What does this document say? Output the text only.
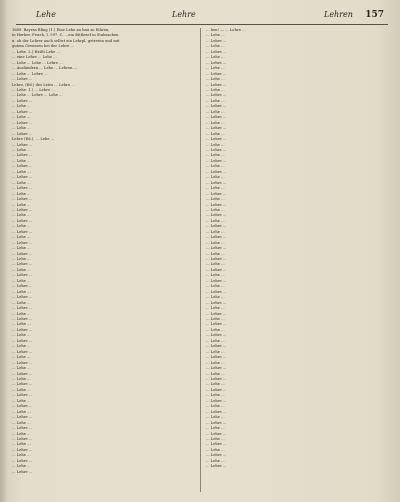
Lehe	Lehre	Lehren 157
1689. Bayrns Bfiag (1.) Eine Lehe an bau zu führen,
in Herber. Frisch, I. 597. C. ...ein Bittbrief in Stabsachen
u. ob der Lehrer auch selbst ein Lehrpl. getreten und mit
gutem Gewissen bei der Lehre ...
... Lehe. 2.) Heißt Lehe ...
... eine Lehre ... Lehe ...
... Lehe ... Lehe ... Lehre ...
... Ausländern ... Lehe ... Lehren ...
... Lehe ... Lehre ...
... Lehre ...
Lehre, (Ed.) des Leies ... Lehre ...
... Lehe. 1.) ... Lehre ...
... Lehe ... Lehre ... Lehe ...
... Lehre ...
... Lehe ...
... Lehre ...
... Lehe ...
... Lehre ...
... Lehe ...
... Lehre ...
Lehre (Ed.), ... Lehe ...
... Lehre ...
... Lehe ...
... Lehre ...
... Lehe ...
... Lehre ...
... Lehe ...
... Lehre ...
... Lehe ...
... Lehre ...
... Lehe ...
... Lehre ...
... Lehe ...
... Lehre ...
... Lehe ...
... Lehre ...
... Lehe ...
... Lehre ...
... Lehe ...
... Lehre ...
... Lehe ...
... Lehre ...
... Lehe ...
... Lehre ...
... Lehe ...
... Lehre ...
... Lehe ...
... Lehre ...
... Lehe ...
... Lehre ...
... Lehe ...
... Lehre ...
... Lehe ...
... Lehre ...
... Lehe ...
... Lehre ...
... Lehe ...
... Lehre ...
... Lehe ...
... Lehre ...
... Lehe ...
... Lehre ...
... Lehe ...
... Lehre ...
... Lehe ...
... Lehre ...
... Lehe ...
... Lehre ...
... Lehe ...
... Lehre ...
... Lehe ...
... Lehre ...
... Lehe ...
... Lehre ...
... Lehe ...
... Lehre ...
... Lehe ...
... Lehre ...
... Lehe ...
... Lehre ...
... Lehe ...
... Lehre ...
... ben! — ... Lehre ...
... Lehe ...
... Lehre ...
... Lehe ...
... Lehre ...
... Lehe ...
... Lehre ...
... Lehe ...
... Lehre ...
... Lehe ...
... Lehre ...
... Lehe ...
... Lehre ...
... Lehe ...
... Lehre ...
... Lehe ...
... Lehre ...
... Lehe ...
... Lehre ...
... Lehe ...
... Lehre ...
... Lehe ...
... Lehre ...
... Lehe ...
... Lehre ...
... Lehe ...
... Lehre ...
... Lehe ...
... Lehre ...
... Lehe ...
... Lehre ...
... Lehe ...
... Lehre ...
... Lehe ...
... Lehre ...
... Lehe ...
... Lehre ...
... Lehe ...
... Lehre ...
... Lehe ...
... Lehre ...
... Lehe ...
... Lehre ...
... Lehe ...
... Lehre ...
... Lehe ...
... Lehre ...
... Lehe ...
... Lehre ...
... Lehe ...
... Lehre ...
... Lehe ...
... Lehre ...
... Lehe ...
... Lehre ...
... Lehe ...
... Lehre ...
... Lehe ...
... Lehre ...
... Lehe ...
... Lehre ...
... Lehe ...
... Lehre ...
... Lehe ...
... Lehre ...
... Lehe ...
... Lehre ...
... Lehe ...
... Lehre ...
... Lehe ...
... Lehre ...
... Lehe ...
... Lehre ...
... Lehe ...
... Lehre ...
... Lehe ...
... Lehre ...
... Lehe ...
... Lehre ...
... Lehe ...
... Lehre ...
